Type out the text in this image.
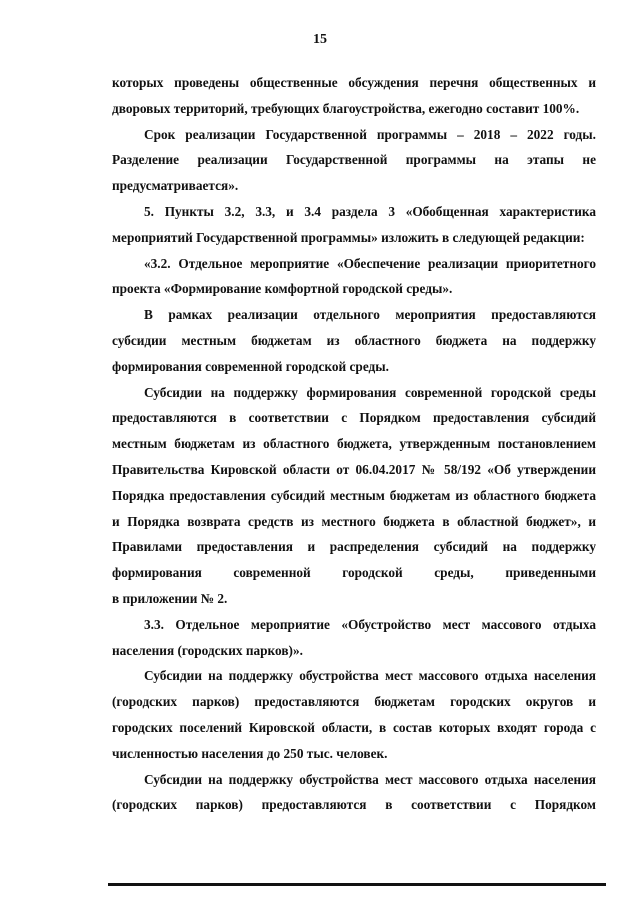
15
которых проведены общественные обсуждения перечня общественных и
дворовых территорий, требующих благоустройства, ежегодно составит 100%.
Срок реализации Государственной программы – 2018 – 2022 годы.
Разделение реализации Государственной программы на этапы не
предусматривается».
5. Пункты 3.2, 3.3, и 3.4 раздела 3 «Обобщенная характеристика
мероприятий Государственной программы» изложить в следующей редакции:
«3.2. Отдельное мероприятие «Обеспечение реализации приоритетного
проекта «Формирование комфортной городской среды».
В рамках реализации отдельного мероприятия предоставляются
субсидии местным бюджетам из областного бюджета на поддержку
формирования современной городской среды.
Субсидии на поддержку формирования современной городской среды
предоставляются в соответствии с Порядком предоставления субсидий
местным бюджетам из областного бюджета, утвержденным постановлением
Правительства Кировской области от 06.04.2017 № 58/192 «Об утверждении
Порядка предоставления субсидий местным бюджетам из областного бюджета
и Порядка возврата средств из местного бюджета в областной бюджет», и
Правилами предоставления и распределения субсидий на поддержку
формирования современной городской среды, приведенными
в приложении № 2.
3.3. Отдельное мероприятие «Обустройство мест массового отдыха
населения (городских парков)».
Субсидии на поддержку обустройства мест массового отдыха населения
(городских парков) предоставляются бюджетам городских округов и
городских поселений Кировской области, в состав которых входят города с
численностью населения до 250 тыс. человек.
Субсидии на поддержку обустройства мест массового отдыха населения
(городских парков) предоставляются в соответствии с Порядком
